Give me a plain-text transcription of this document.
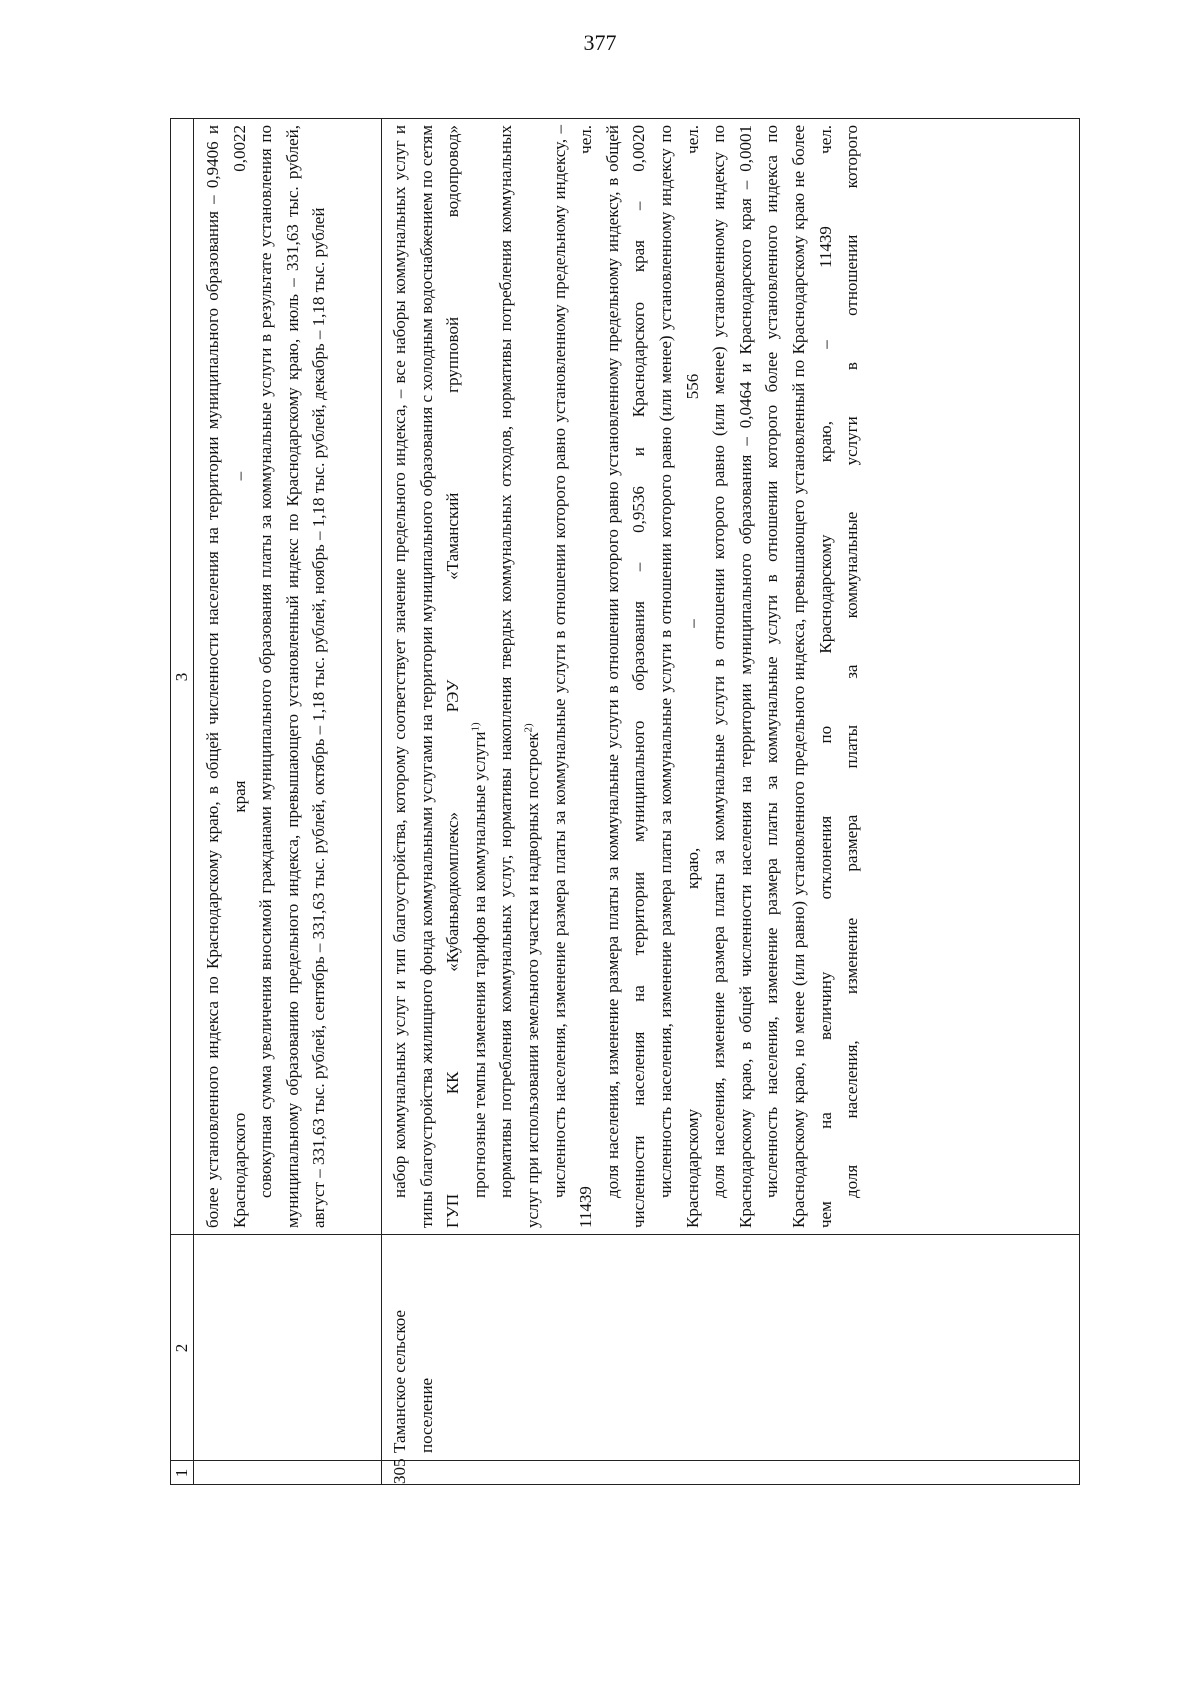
377
1
2
3 более установленного индекса по Краснодарскому краю, в общей численности населения на территории муниципального образования – 0,9406 и Краснодарского края – 0,0022 совокупная сумма увеличения вносимой гражданами муниципального образования платы за коммунальные услуги в результате установления по муниципальному образованию предельного индекса, превышающего установленный индекс по Краснодарскому краю, июль – 331,63 тыс. рублей, август – 331,63 тыс. рублей, сентябрь – 331,63 тыс. рублей, октябрь – 1,18 тыс. рублей, ноябрь – 1,18 тыс. рублей, декабрь – 1,18 тыс. рублей

305
Таманское сельское поселение

набор коммунальных услуг и тип благоустройства, которому соответствует значение предельного индекса, – все наборы коммунальных услуг и типы благоустройства жилищного фонда коммунальными услугами на территории муниципального образования с холодным водоснабжением по сетям ГУП КК «Кубаньводкомплекс» РЭУ «Таманский групповой водопровод» прогнозные темпы изменения тарифов на коммунальные услуги$^{1)}$ нормативы потребления коммунальных услуг, нормативы накопления твердых коммунальных отходов, нормативы потребления коммунальных услуг при использовании земельного участка и надворных построек$^{2)}$ численность населения, изменение размера платы за коммунальные услуги в отношении которого равно установленному предельному индексу, – 11439 чел. доля населения, изменение размера платы за коммунальные услуги в отношении которого равно установленному предельному индексу, в общей численности населения на территории муниципального образования – 0,9536 и Краснодарского края – 0,0020 численность населения, изменение размера платы за коммунальные услуги в отношении которого равно (или менее) установленному индексу по Краснодарскому краю, – 556 чел. доля населения, изменение размера платы за коммунальные услуги в отношении которого равно (или менее) установленному индексу по Краснодарскому краю, в общей численности населения на территории муниципального образования – 0,0464 и Краснодарского края – 0,0001 численность населения, изменение размера платы за коммунальные услуги в отношении которого более установленного индекса по Краснодарскому краю, но менее (или равно) установленного предельного индекса, превышающего установленный по Краснодарскому краю не более чем на величину отклонения по Краснодарскому краю, – 11439 чел. доля населения, изменение размера платы за коммунальные услуги в отношении которого
